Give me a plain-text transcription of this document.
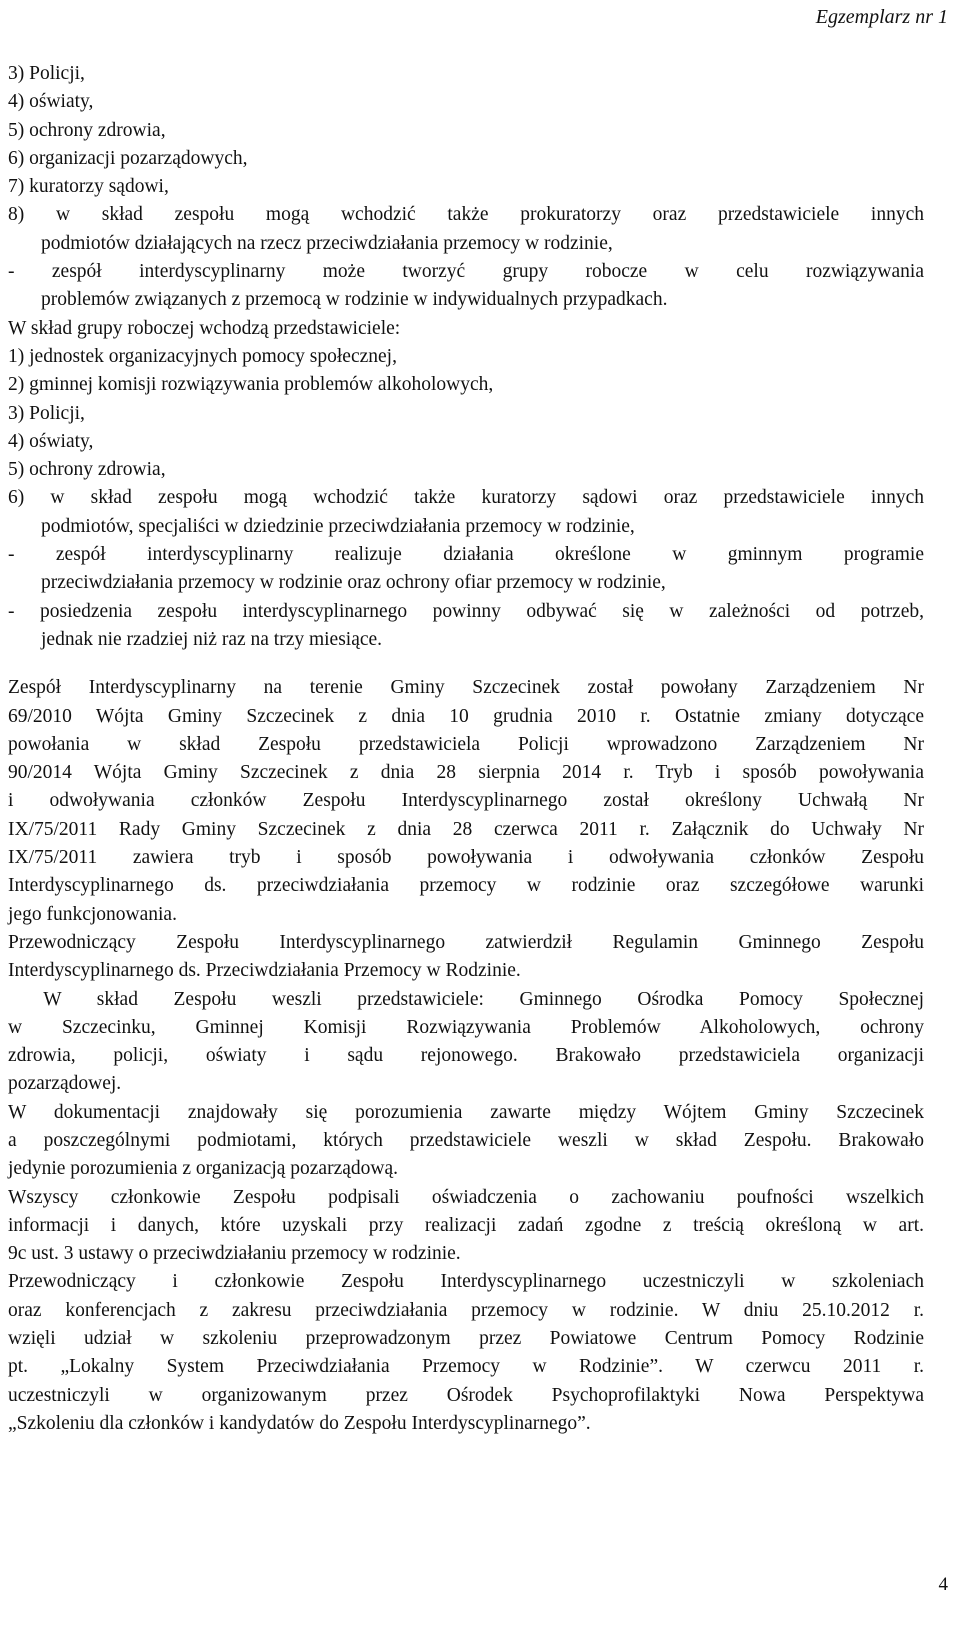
Egzemplarz nr 1
3) Policji,
4) oświaty,
5) ochrony zdrowia,
6) organizacji pozarządowych,
7) kuratorzy sądowi,
8) w skład zespołu mogą wchodzić także prokuratorzy oraz przedstawiciele innych
podmiotów działających na rzecz przeciwdziałania przemocy w rodzinie,
- zespół interdyscyplinarny może tworzyć grupy robocze w celu rozwiązywania
problemów związanych z przemocą w rodzinie w indywidualnych przypadkach.
W skład grupy roboczej wchodzą przedstawiciele:
1) jednostek organizacyjnych pomocy społecznej,
2) gminnej komisji rozwiązywania problemów alkoholowych,
3) Policji,
4) oświaty,
5) ochrony zdrowia,
6) w skład zespołu mogą wchodzić także kuratorzy sądowi oraz przedstawiciele innych
podmiotów, specjaliści w dziedzinie przeciwdziałania przemocy w rodzinie,
- zespół interdyscyplinarny realizuje działania określone w gminnym programie
przeciwdziałania przemocy w rodzinie oraz ochrony ofiar przemocy w rodzinie,
- posiedzenia zespołu interdyscyplinarnego powinny odbywać się w zależności od potrzeb,
jednak nie rzadziej niż raz na trzy miesiące.
Zespół Interdyscyplinarny na terenie Gminy Szczecinek został powołany Zarządzeniem Nr
69/2010 Wójta Gminy Szczecinek z dnia 10 grudnia 2010 r. Ostatnie zmiany dotyczące
powołania w skład Zespołu przedstawiciela Policji wprowadzono Zarządzeniem Nr
90/2014 Wójta Gminy Szczecinek z dnia 28 sierpnia 2014 r. Tryb i sposób powoływania
i odwoływania członków Zespołu Interdyscyplinarnego został określony Uchwałą Nr
IX/75/2011 Rady Gminy Szczecinek z dnia 28 czerwca 2011 r. Załącznik do Uchwały Nr
IX/75/2011 zawiera tryb i sposób powoływania i odwoływania członków Zespołu
Interdyscyplinarnego ds. przeciwdziałania przemocy w rodzinie oraz szczegółowe warunki
jego funkcjonowania.
Przewodniczący Zespołu Interdyscyplinarnego zatwierdził Regulamin Gminnego Zespołu
Interdyscyplinarnego ds. Przeciwdziałania Przemocy w Rodzinie.
W skład Zespołu weszli przedstawiciele: Gminnego Ośrodka Pomocy Społecznej
w Szczecinku, Gminnej Komisji Rozwiązywania Problemów Alkoholowych, ochrony
zdrowia, policji, oświaty i sądu rejonowego. Brakowało przedstawiciela organizacji
pozarządowej.
W dokumentacji znajdowały się porozumienia zawarte między Wójtem Gminy Szczecinek
a poszczególnymi podmiotami, których przedstawiciele weszli w skład Zespołu. Brakowało
jedynie porozumienia z organizacją pozarządową.
Wszyscy członkowie Zespołu podpisali oświadczenia o zachowaniu poufności wszelkich
informacji i danych, które uzyskali przy realizacji zadań zgodne z treścią określoną w art.
9c ust. 3 ustawy o przeciwdziałaniu przemocy w rodzinie.
Przewodniczący i członkowie Zespołu Interdyscyplinarnego uczestniczyli w szkoleniach
oraz konferencjach z zakresu przeciwdziałania przemocy w rodzinie. W dniu 25.10.2012 r.
wzięli udział w szkoleniu przeprowadzonym przez Powiatowe Centrum Pomocy Rodzinie
pt. „Lokalny System Przeciwdziałania Przemocy w Rodzinie”. W czerwcu 2011 r.
uczestniczyli w organizowanym przez Ośrodek Psychoprofilaktyki Nowa Perspektywa
„Szkoleniu dla członków i kandydatów do Zespołu Interdyscyplinarnego”.
4
